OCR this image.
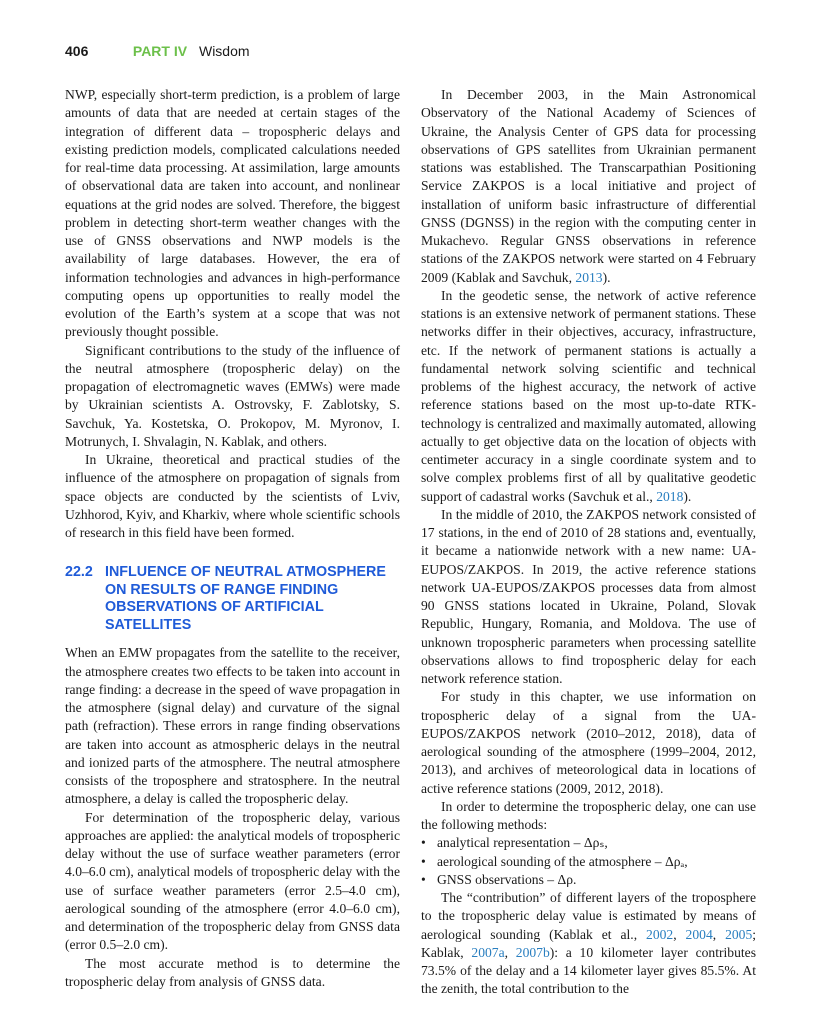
406	PART IV Wisdom

NWP, especially short-term prediction, is a problem of large amounts of data that are needed at certain stages of the integration of different data – tropospheric delays and existing prediction models, complicated calculations needed for real-time data processing. At assimilation, large amounts of observational data are taken into account, and nonlinear equations at the grid nodes are solved. Therefore, the biggest problem in detecting short-term weather changes with the use of GNSS observations and NWP models is the availability of large databases. However, the era of information technologies and advances in high-performance computing opens up opportunities to really model the evolution of the Earth’s system at a scope that was not previously thought possible.

Significant contributions to the study of the influence of the neutral atmosphere (tropospheric delay) on the propagation of electromagnetic waves (EMWs) were made by Ukrainian scientists A. Ostrovsky, F. Zablotsky, S. Savchuk, Ya. Kostetska, O. Prokopov, M. Myronov, I. Motrunych, I. Shvalagin, N. Kablak, and others.

In Ukraine, theoretical and practical studies of the influence of the atmosphere on propagation of signals from space objects are conducted by the scientists of Lviv, Uzhhorod, Kyiv, and Kharkiv, where whole scientific schools of research in this field have been formed.

22.2 INFLUENCE OF NEUTRAL ATMOSPHERE ON RESULTS OF RANGE FINDING OBSERVATIONS OF ARTIFICIAL SATELLITES

When an EMW propagates from the satellite to the receiver, the atmosphere creates two effects to be taken into account in range finding: a decrease in the speed of wave propagation in the atmosphere (signal delay) and curvature of the signal path (refraction). These errors in range finding observations are taken into account as atmospheric delays in the neutral and ionized parts of the atmosphere. The neutral atmosphere consists of the troposphere and stratosphere. In the neutral atmosphere, a delay is called the tropospheric delay.

For determination of the tropospheric delay, various approaches are applied: the analytical models of tropospheric delay without the use of surface weather parameters (error 4.0–6.0 cm), analytical models of tropospheric delay with the use of surface weather parameters (error 2.5–4.0 cm), aerological sounding of the atmosphere (error 4.0–6.0 cm), and determination of the tropospheric delay from GNSS data (error 0.5–2.0 cm).

The most accurate method is to determine the tropospheric delay from analysis of GNSS data.

In December 2003, in the Main Astronomical Observatory of the National Academy of Sciences of Ukraine, the Analysis Center of GPS data for processing observations of GPS satellites from Ukrainian permanent stations was established. The Transcarpathian Positioning Service ZAKPOS is a local initiative and project of installation of uniform basic infrastructure of differential GNSS (DGNSS) in the region with the computing center in Mukachevo. Regular GNSS observations in reference stations of the ZAKPOS network were started on 4 February 2009 (Kablak and Savchuk, 2013).

In the geodetic sense, the network of active reference stations is an extensive network of permanent stations. These networks differ in their objectives, accuracy, infrastructure, etc. If the network of permanent stations is actually a fundamental network solving scientific and technical problems of the highest accuracy, the network of active reference stations based on the most up-to-date RTK-technology is centralized and maximally automated, allowing actually to get objective data on the location of objects with centimeter accuracy in a single coordinate system and to solve complex problems first of all by qualitative geodetic support of cadastral works (Savchuk et al., 2018).

In the middle of 2010, the ZAKPOS network consisted of 17 stations, in the end of 2010 of 28 stations and, eventually, it became a nationwide network with a new name: UA-EUPOS/ZAKPOS. In 2019, the active reference stations network UA-EUPOS/ZAKPOS processes data from almost 90 GNSS stations located in Ukraine, Poland, Slovak Republic, Hungary, Romania, and Moldova. The use of unknown tropospheric parameters when processing satellite observations allows to find tropospheric delay for each network reference station.

For study in this chapter, we use information on tropospheric delay of a signal from the UA-EUPOS/ZAKPOS network (2010–2012, 2018), data of aerological sounding of the atmosphere (1999–2004, 2012, 2013), and archives of meteorological data in locations of active reference stations (2009, 2012, 2018).

In order to determine the tropospheric delay, one can use the following methods:

• analytical representation – Δρₛ,
• aerological sounding of the atmosphere – Δρₐ,
• GNSS observations – Δρ.

The “contribution” of different layers of the troposphere to the tropospheric delay value is estimated by means of aerological sounding (Kablak et al., 2002, 2004, 2005; Kablak, 2007a, 2007b): a 10 kilometer layer contributes 73.5% of the delay and a 14 kilometer layer gives 85.5%. At the zenith, the total contribution to the
